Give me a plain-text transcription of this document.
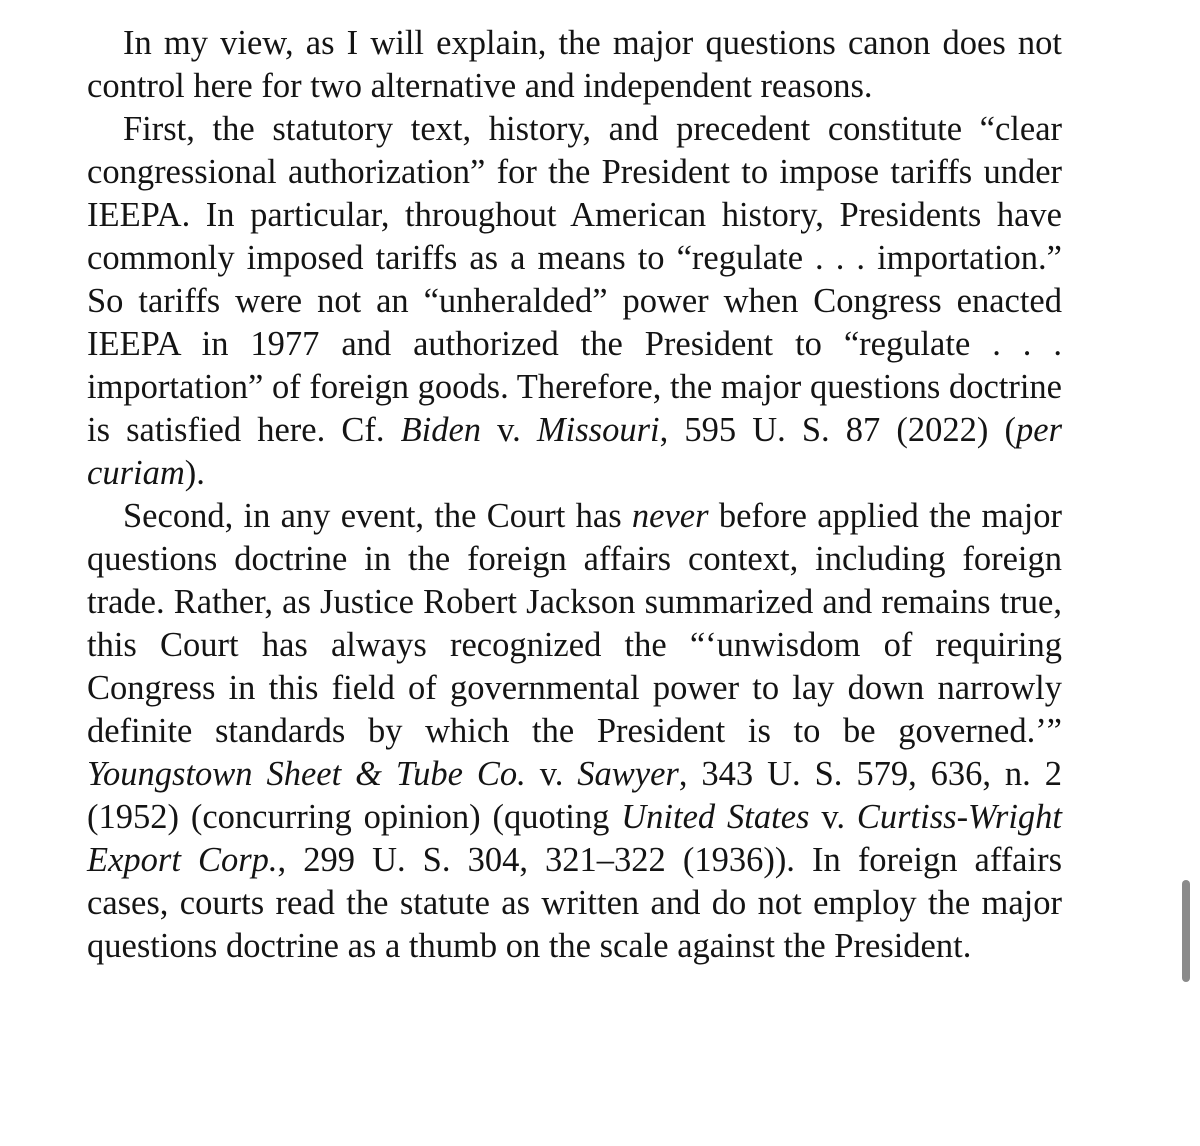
In my view, as I will explain, the major questions canon does not control here for two alternative and independent reasons.

First, the statutory text, history, and precedent constitute “clear congressional authorization” for the President to impose tariffs under IEEPA. In particular, throughout American history, Presidents have commonly imposed tariffs as a means to “regulate . . . importation.” So tariffs were not an “unheralded” power when Congress enacted IEEPA in 1977 and authorized the President to “regulate . . . importation” of foreign goods. Therefore, the major questions doctrine is satisfied here. Cf. Biden v. Missouri, 595 U. S. 87 (2022) (per curiam).

Second, in any event, the Court has never before applied the major questions doctrine in the foreign affairs context, including foreign trade. Rather, as Justice Robert Jackson summarized and remains true, this Court has always recognized the “‘unwisdom of requiring Congress in this field of governmental power to lay down narrowly definite standards by which the President is to be governed.’” Youngstown Sheet & Tube Co. v. Sawyer, 343 U. S. 579, 636, n. 2 (1952) (concurring opinion) (quoting United States v. Curtiss-Wright Export Corp., 299 U. S. 304, 321–322 (1936)). In foreign affairs cases, courts read the statute as written and do not employ the major questions doctrine as a thumb on the scale against the President.
